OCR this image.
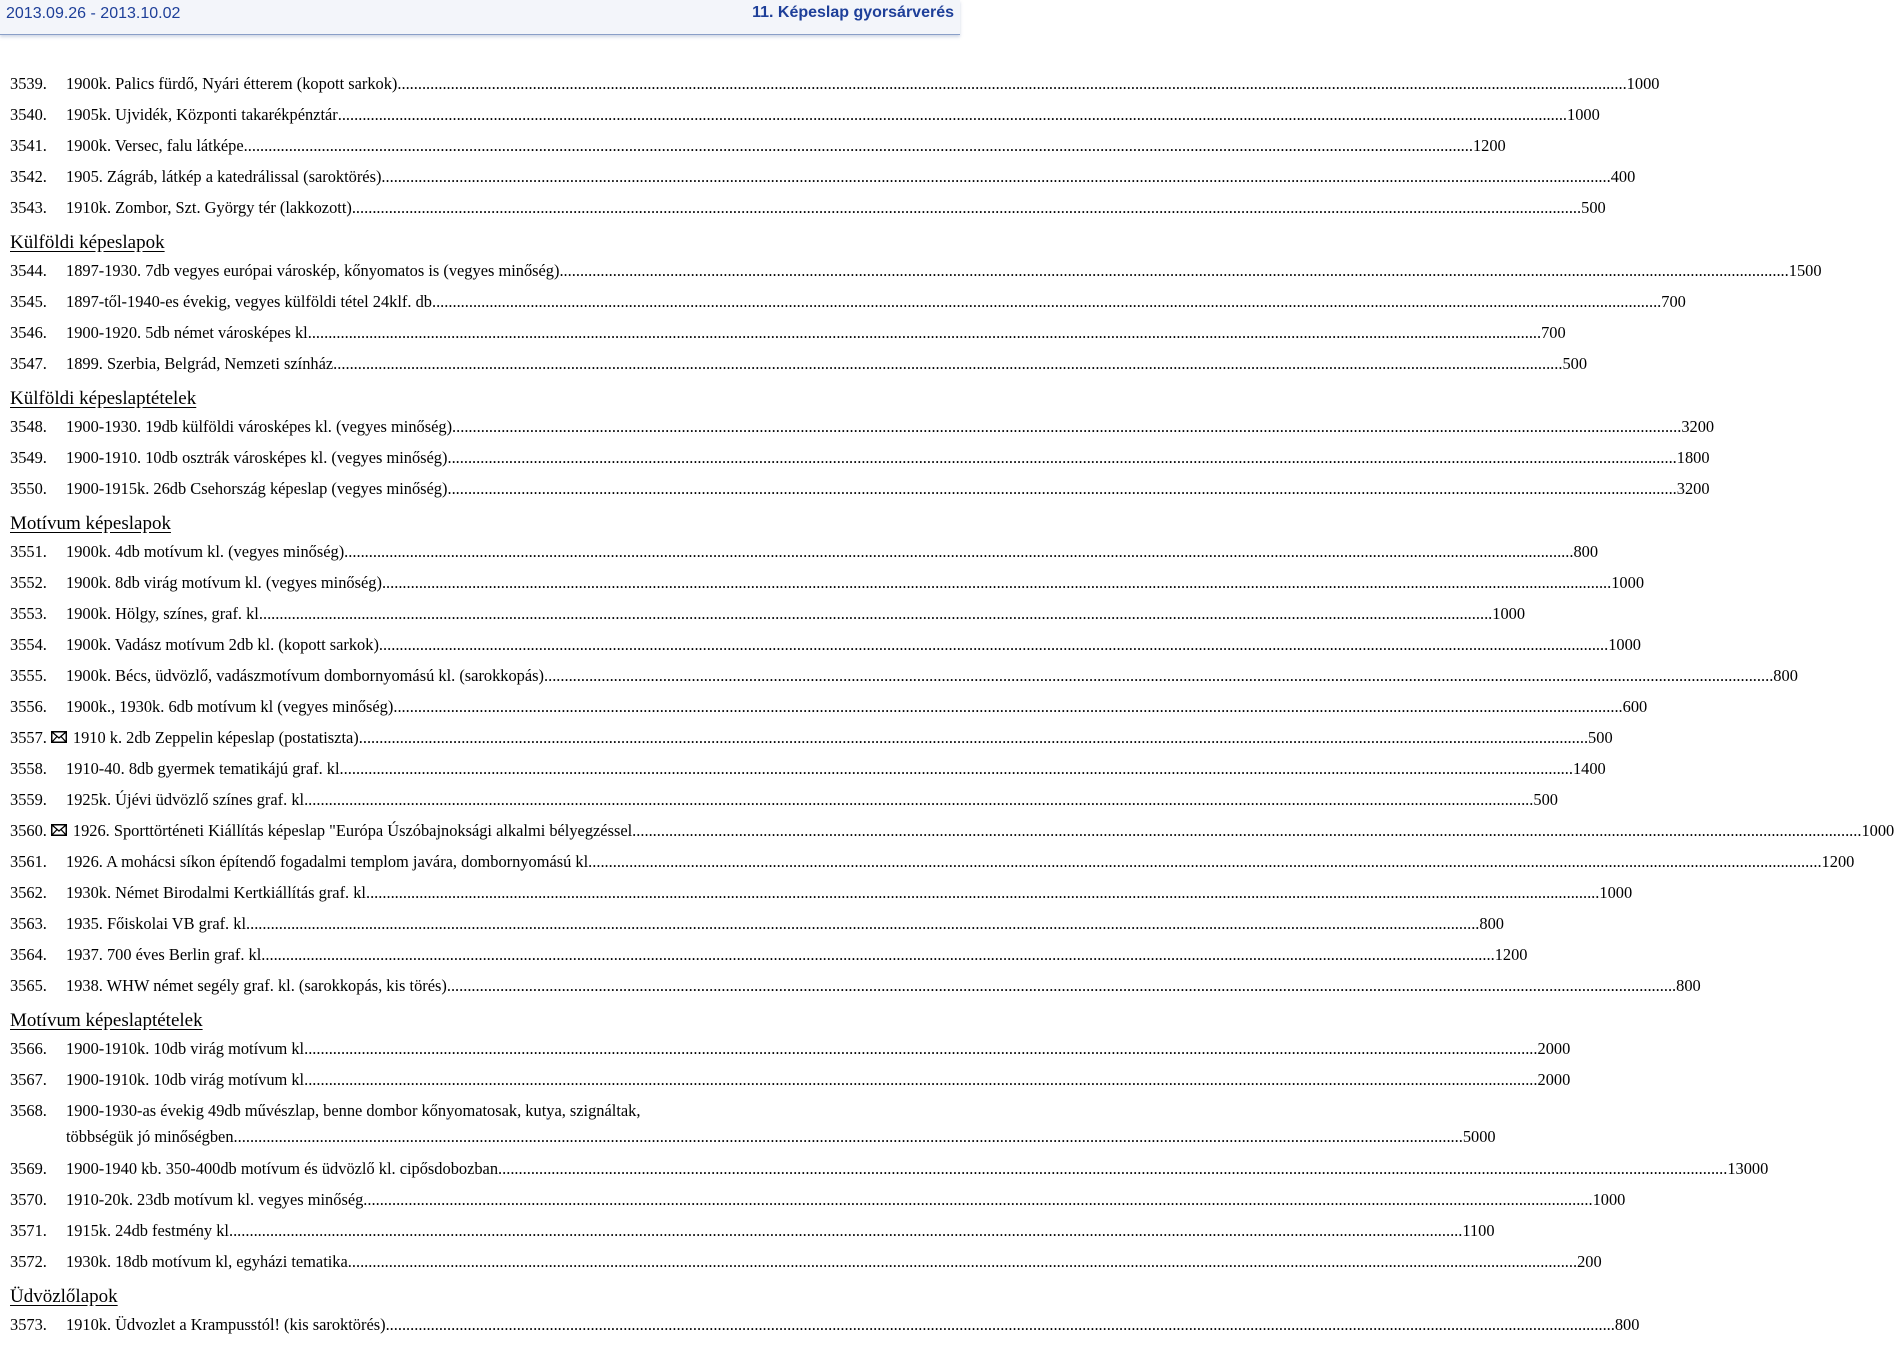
2013.09.26 - 2013.10.02	11. Képeslap gyorsárverés
3539.	1900k. Palics fürdő, Nyári étterem (kopott sarkok) ............................................................................................................................................................................................................................................................................................................ 1000
3540.	1905k. Ujvidék, Központi takarékpénztár ............................................................................................................................................................................................................................................................................................................ 1000
3541.	1900k. Versec, falu látképe ............................................................................................................................................................................................................................................................................................................ 1200
3542.	1905. Zágráb, látkép a katedrálissal (saroktörés) ............................................................................................................................................................................................................................................................................................................ 400
3543.	1910k. Zombor, Szt. György tér (lakkozott) ............................................................................................................................................................................................................................................................................................................ 500
Külföldi képeslapok
3544.	1897-1930. 7db vegyes európai városkép, kőnyomatos is (vegyes minőség) ............................................................................................................................................................................................................................................................................................................ 1500
3545.	1897-től-1940-es évekig, vegyes külföldi tétel 24klf. db ............................................................................................................................................................................................................................................................................................................ 700
3546.	1900-1920. 5db német városképes kl. ............................................................................................................................................................................................................................................................................................................ 700
3547.	1899. Szerbia, Belgrád, Nemzeti színház ............................................................................................................................................................................................................................................................................................................ 500
Külföldi képeslaptételek
3548.	1900-1930. 19db külföldi városképes kl. (vegyes minőség) ............................................................................................................................................................................................................................................................................................................ 3200
3549.	1900-1910. 10db osztrák városképes kl. (vegyes minőség) ............................................................................................................................................................................................................................................................................................................ 1800
3550.	1900-1915k. 26db Csehország képeslap (vegyes minőség) ............................................................................................................................................................................................................................................................................................................ 3200
Motívum képeslapok
3551.	1900k. 4db motívum kl. (vegyes minőség) ............................................................................................................................................................................................................................................................................................................ 800
3552.	1900k. 8db virág motívum kl. (vegyes minőség) ............................................................................................................................................................................................................................................................................................................ 1000
3553.	1900k. Hölgy, színes, graf. kl. ............................................................................................................................................................................................................................................................................................................ 1000
3554.	1900k. Vadász motívum 2db kl. (kopott sarkok) ............................................................................................................................................................................................................................................................................................................ 1000
3555.	1900k. Bécs, üdvözlő, vadászmotívum dombornyomású kl. (sarokkopás) ............................................................................................................................................................................................................................................................................................................ 800
3556.	1900k., 1930k. 6db motívum kl (vegyes minőség) ............................................................................................................................................................................................................................................................................................................ 600
3557. 1910 k. 2db Zeppelin képeslap (postatiszta) ............................................................................................................................................................................................................................................................................................................ 500
3558.	1910-40. 8db gyermek tematikájú graf. kl. ............................................................................................................................................................................................................................................................................................................ 1400
3559.	1925k. Újévi üdvözlő színes graf. kl ............................................................................................................................................................................................................................................................................................................ 500
3560. 1926. Sporttörténeti Kiállítás képeslap "Európa Úszóbajnoksági alkalmi bélyegzéssel ............................................................................................................................................................................................................................................................................................................ 1000
3561.	1926. A mohácsi síkon építendő fogadalmi templom javára, dombornyomású kl. ............................................................................................................................................................................................................................................................................................................ 1200
3562.	1930k. Német Birodalmi Kertkiállítás graf. kl. ............................................................................................................................................................................................................................................................................................................ 1000
3563.	1935. Főiskolai VB graf. kl. ............................................................................................................................................................................................................................................................................................................ 800
3564.	1937. 700 éves Berlin graf. kl. ............................................................................................................................................................................................................................................................................................................ 1200
3565.	1938. WHW német segély graf. kl. (sarokkopás, kis törés) ............................................................................................................................................................................................................................................................................................................ 800
Motívum képeslaptételek
3566.	1900-1910k. 10db virág motívum kl. ............................................................................................................................................................................................................................................................................................................ 2000
3567.	1900-1910k. 10db virág motívum kl. ............................................................................................................................................................................................................................................................................................................ 2000
3568.	1900-1930-as évekig 49db művészlap, benne dombor kőnyomatosak, kutya, szignáltak,
többségük jó minőségben ............................................................................................................................................................................................................................................................................................................ 5000
3569.	1900-1940 kb. 350-400db motívum és üdvözlő kl. cipősdobozban ............................................................................................................................................................................................................................................................................................................ 13000
3570.	1910-20k. 23db motívum kl. vegyes minőség ............................................................................................................................................................................................................................................................................................................ 1000
3571.	1915k. 24db festmény kl. ............................................................................................................................................................................................................................................................................................................ 1100
3572.	1930k. 18db motívum kl, egyházi tematika ............................................................................................................................................................................................................................................................................................................ 200
Üdvözlőlapok
3573.	1910k. Üdvozlet a Krampusstól! (kis saroktörés) ............................................................................................................................................................................................................................................................................................................ 800
